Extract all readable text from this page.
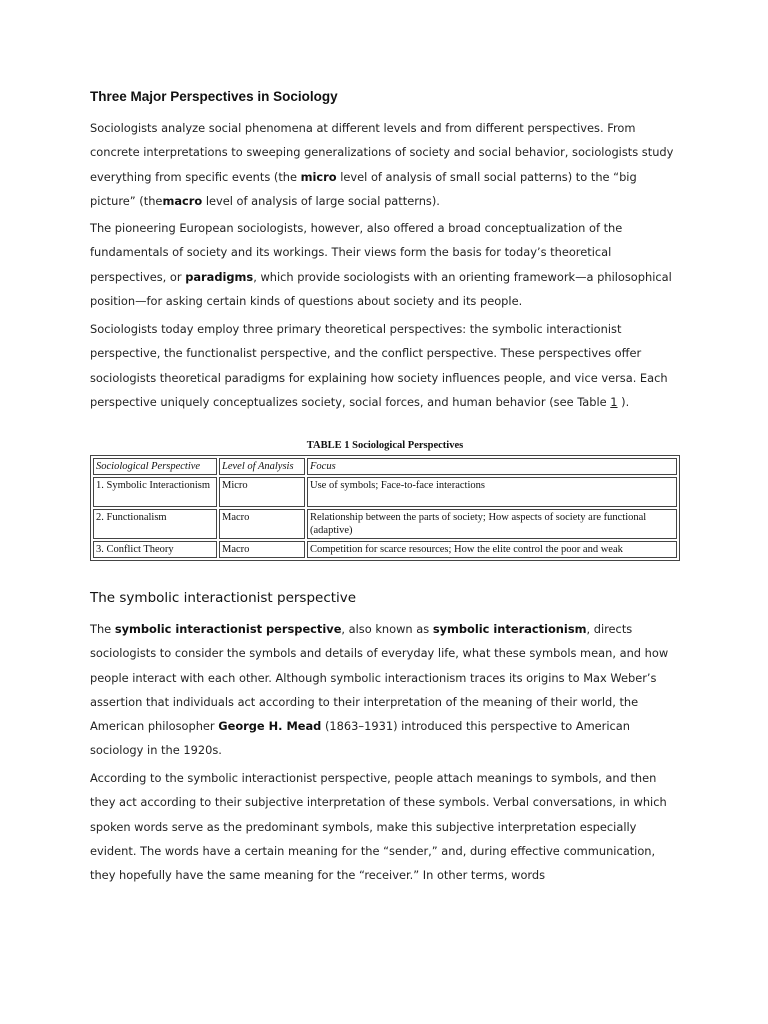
Three Major Perspectives in Sociology

Sociologists analyze social phenomena at different levels and from different perspectives. From concrete interpretations to sweeping generalizations of society and social behavior, sociologists study everything from specific events (the micro level of analysis of small social patterns) to the “big picture” (themacro level of analysis of large social patterns).

The pioneering European sociologists, however, also offered a broad conceptualization of the fundamentals of society and its workings. Their views form the basis for today’s theoretical perspectives, or paradigms, which provide sociologists with an orienting framework—a philosophical position—for asking certain kinds of questions about society and its people.

Sociologists today employ three primary theoretical perspectives: the symbolic interactionist perspective, the functionalist perspective, and the conflict perspective. These perspectives offer sociologists theoretical paradigms for explaining how society influences people, and vice versa. Each perspective uniquely conceptualizes society, social forces, and human behavior (see Table 1 ).

TABLE 1 Sociological Perspectives
Sociological Perspective	Level of Analysis	Focus
1. Symbolic Interactionism	Micro	Use of symbols; Face-to-face interactions
2. Functionalism	Macro	Relationship between the parts of society; How aspects of society are functional (adaptive)
3. Conflict Theory	Macro	Competition for scarce resources; How the elite control the poor and weak
The symbolic interactionist perspective

The symbolic interactionist perspective, also known as symbolic interactionism, directs sociologists to consider the symbols and details of everyday life, what these symbols mean, and how people interact with each other. Although symbolic interactionism traces its origins to Max Weber’s assertion that individuals act according to their interpretation of the meaning of their world, the American philosopher George H. Mead (1863–1931) introduced this perspective to American sociology in the 1920s.

According to the symbolic interactionist perspective, people attach meanings to symbols, and then they act according to their subjective interpretation of these symbols. Verbal conversations, in which spoken words serve as the predominant symbols, make this subjective interpretation especially evident. The words have a certain meaning for the “sender,” and, during effective communication, they hopefully have the same meaning for the “receiver.” In other terms, words
